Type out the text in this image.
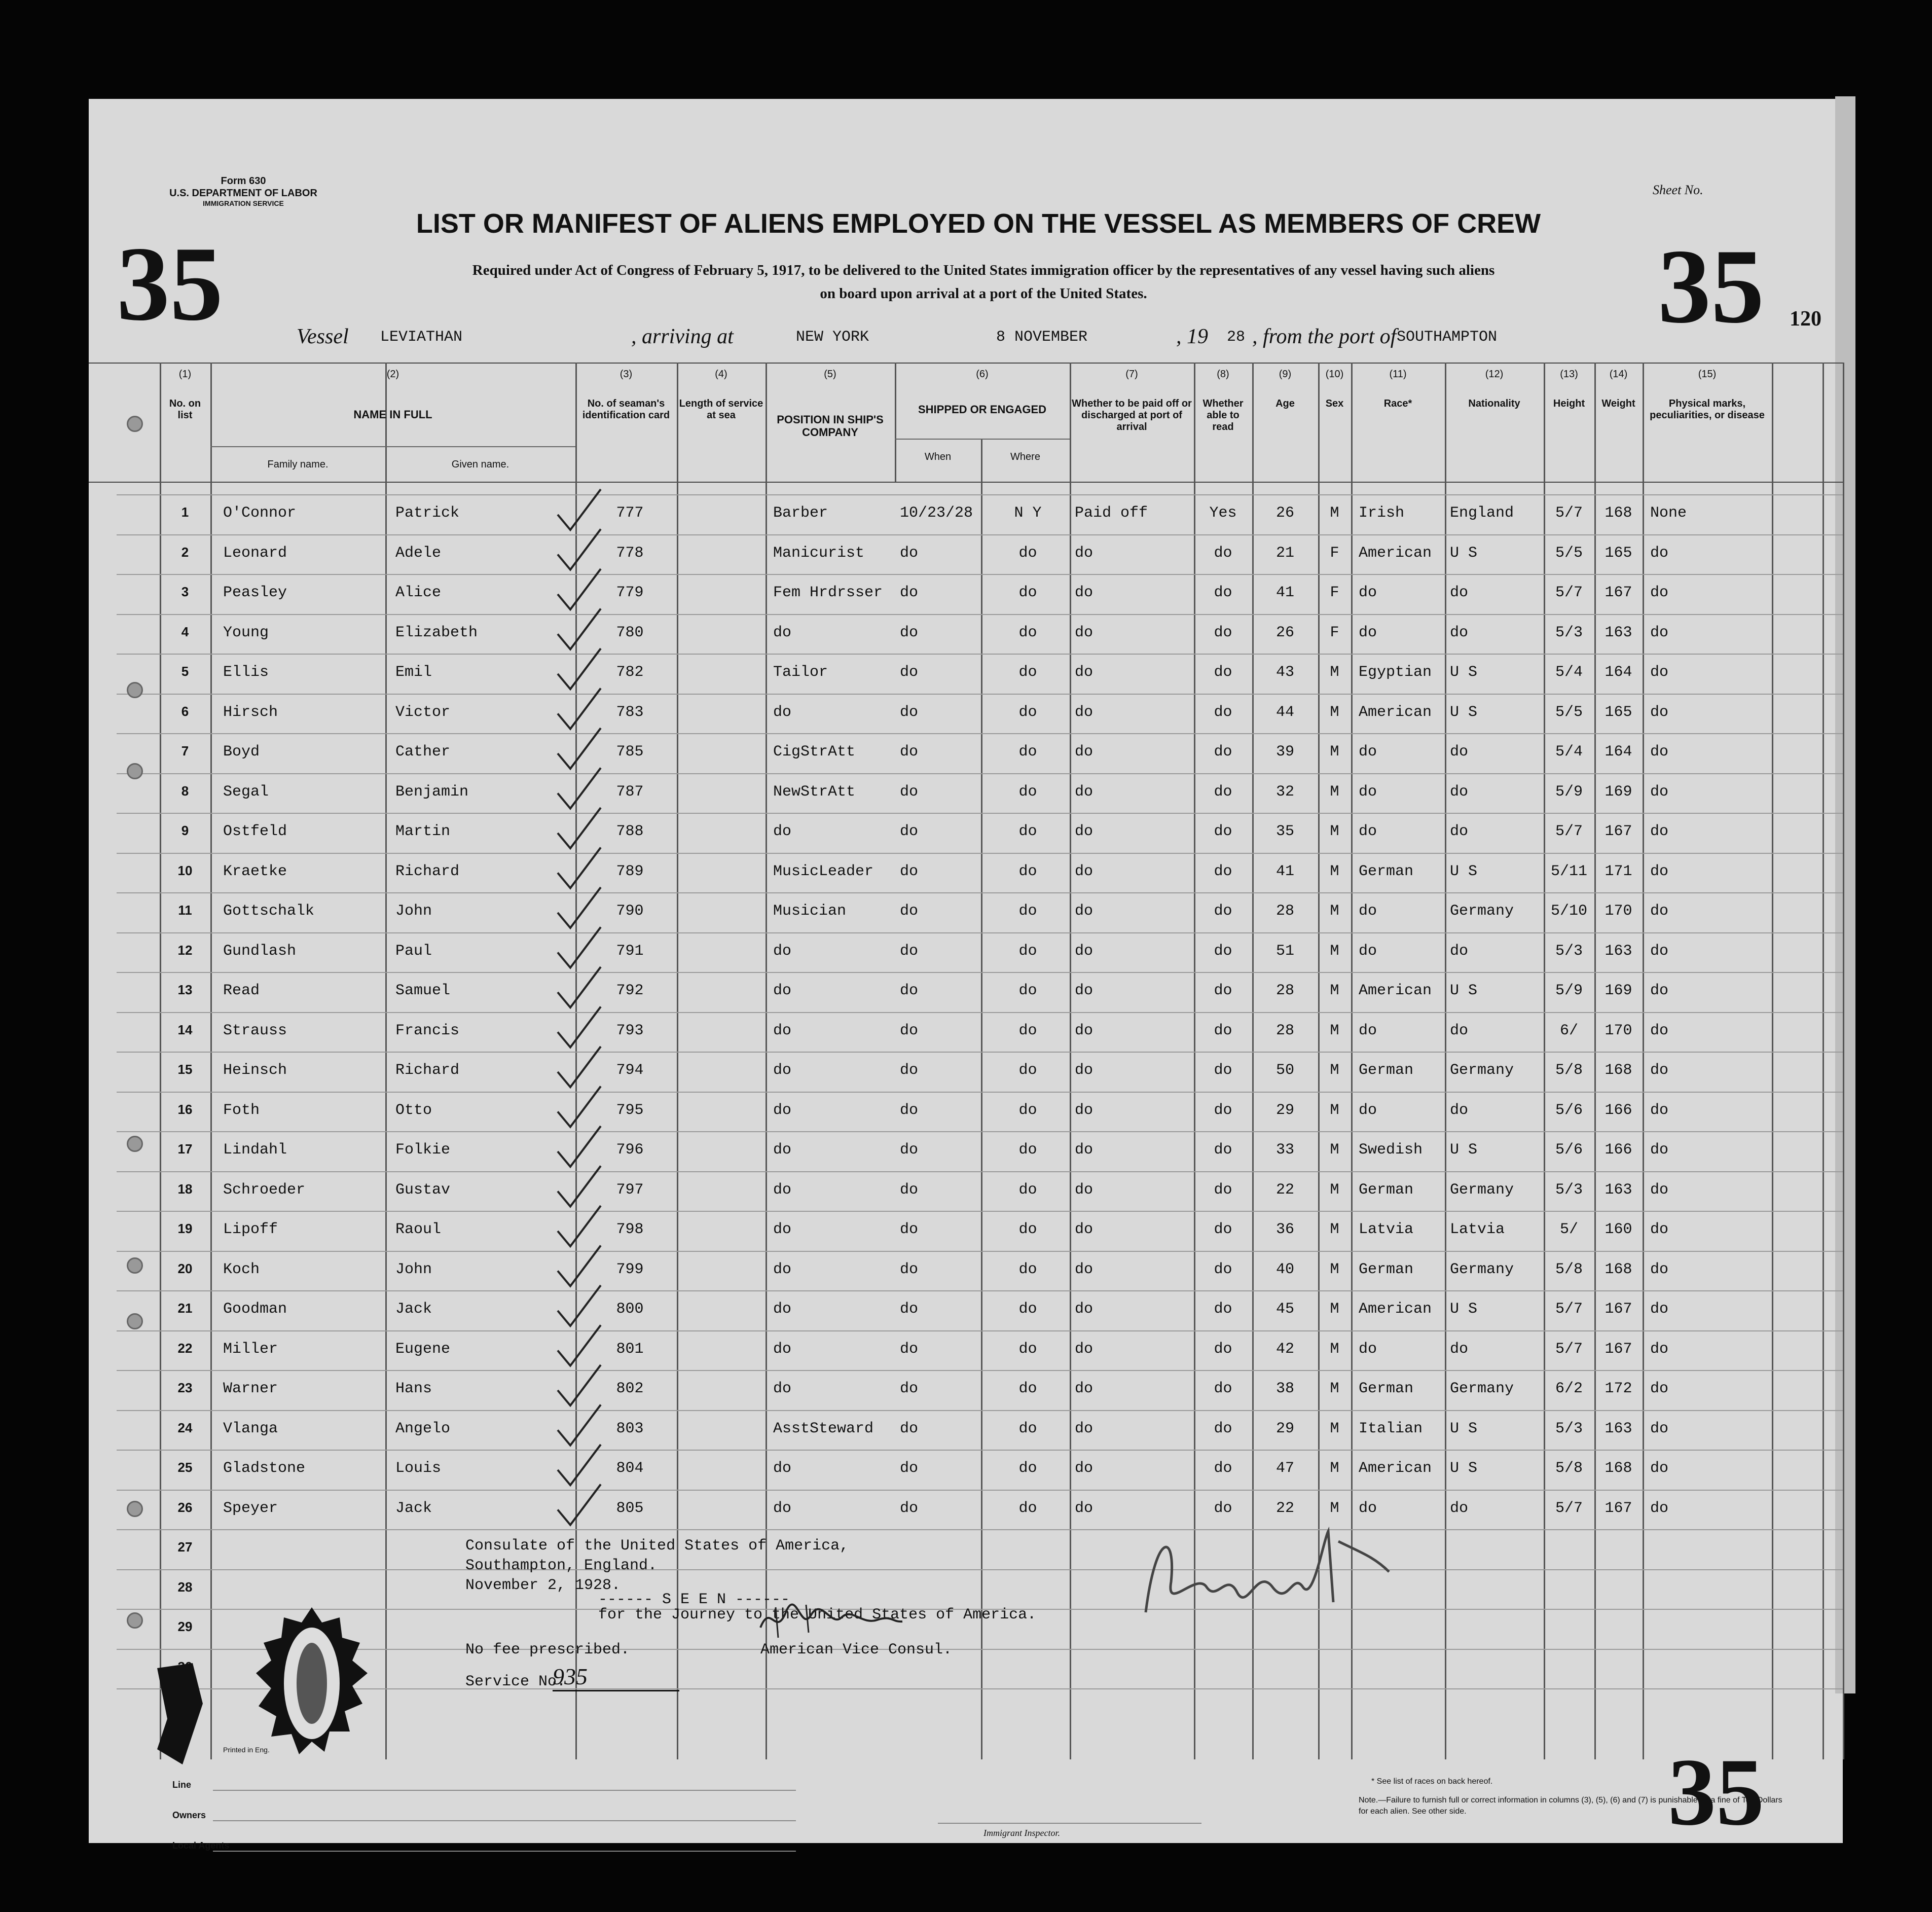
Form 630
U.S. DEPARTMENT OF LABOR
IMMIGRATION SERVICE
35	35 120
Sheet No.
LIST OR MANIFEST OF ALIENS EMPLOYED ON THE VESSEL AS MEMBERS OF CREW
Required under Act of Congress of February 5, 1917, to be delivered to the United States immigration officer by the representatives of any vessel having such aliens
on board upon arrival at a port of the United States.
Vessel LEVIATHAN	, arriving at	NEW YORK	8 NOVEMBER	, 19 28 , from the port of SOUTHAMPTON
(1)
No. on list
(2)
NAME IN FULL
(3)
No. of seaman's identification card
(4)
Length of service at sea
(5)
POSITION IN SHIP'S COMPANY
(6)
SHIPPED OR ENGAGED
(7)
Whether to be paid off or discharged at port of arrival
(8)
Whether able to read
(9)
Age
(10)
Sex
(11)
Race*
(12)
Nationality
(13)
Height
(14)
Weight
(15)
Physical marks, peculiarities, or disease
Family name.	Given name.
When	Where
1	O'Connor	Patrick	777	Barber	10/23/28	N Y	Paid off	Yes	26	M	Irish	England	5/7	168	None
2	Leonard	Adele	778	Manicurist	do	do	do	do	21	F	American	U S	5/5	165	do
3	Peasley	Alice	779	Fem Hrdrsser	do	do	do	do	41	F	do	do	5/7	167	do
4	Young	Elizabeth	780	do	do	do	do	do	26	F	do	do	5/3	163	do
5	Ellis	Emil	782	Tailor	do	do	do	do	43	M	Egyptian	U S	5/4	164	do
6	Hirsch	Victor	783	do	do	do	do	do	44	M	American	U S	5/5	165	do
7	Boyd	Cather	785	CigStrAtt	do	do	do	do	39	M	do	do	5/4	164	do
8	Segal	Benjamin	787	NewStrAtt	do	do	do	do	32	M	do	do	5/9	169	do
9	Ostfeld	Martin	788	do	do	do	do	do	35	M	do	do	5/7	167	do
10	Kraetke	Richard	789	MusicLeader	do	do	do	do	41	M	German	U S	5/11	171	do
11	Gottschalk	John	790	Musician	do	do	do	do	28	M	do	Germany	5/10	170	do
12	Gundlash	Paul	791	do	do	do	do	do	51	M	do	do	5/3	163	do
13	Read	Samuel	792	do	do	do	do	do	28	M	American	U S	5/9	169	do
14	Strauss	Francis	793	do	do	do	do	do	28	M	do	do	6/	170	do
15	Heinsch	Richard	794	do	do	do	do	do	50	M	German	Germany	5/8	168	do
16	Foth	Otto	795	do	do	do	do	do	29	M	do	do	5/6	166	do
17	Lindahl	Folkie	796	do	do	do	do	do	33	M	Swedish	U S	5/6	166	do
18	Schroeder	Gustav	797	do	do	do	do	do	22	M	German	Germany	5/3	163	do
19	Lipoff	Raoul	798	do	do	do	do	do	36	M	Latvia	Latvia	5/	160	do
20	Koch	John	799	do	do	do	do	do	40	M	German	Germany	5/8	168	do
21	Goodman	Jack	800	do	do	do	do	do	45	M	American	U S	5/7	167	do
22	Miller	Eugene	801	do	do	do	do	do	42	M	do	do	5/7	167	do
23	Warner	Hans	802	do	do	do	do	do	38	M	German	Germany	6/2	172	do
24	Vlanga	Angelo	803	AsstSteward	do	do	do	do	29	M	Italian	U S	5/3	163	do
25	Gladstone	Louis	804	do	do	do	do	do	47	M	American	U S	5/8	168	do
26	Speyer	Jack	805	do	do	do	do	do	22	M	do	do	5/7	167	do
27
28
29
Consulate of the United States of America,
Southampton, England.
November 2, 1928.
------ S E E N ------
for the Journey to the United States of America.
No fee prescribed.	American Vice Consul.
Service No.
935
Printed in Eng.
Line
Owners
Local Agents
Immigrant Inspector.
* See list of races on back hereof.
Note.—Failure to furnish full or correct information in columns (3), (5), (6) and (7) is punishable by a fine of Ten Dollars for each alien. See other side.	35
